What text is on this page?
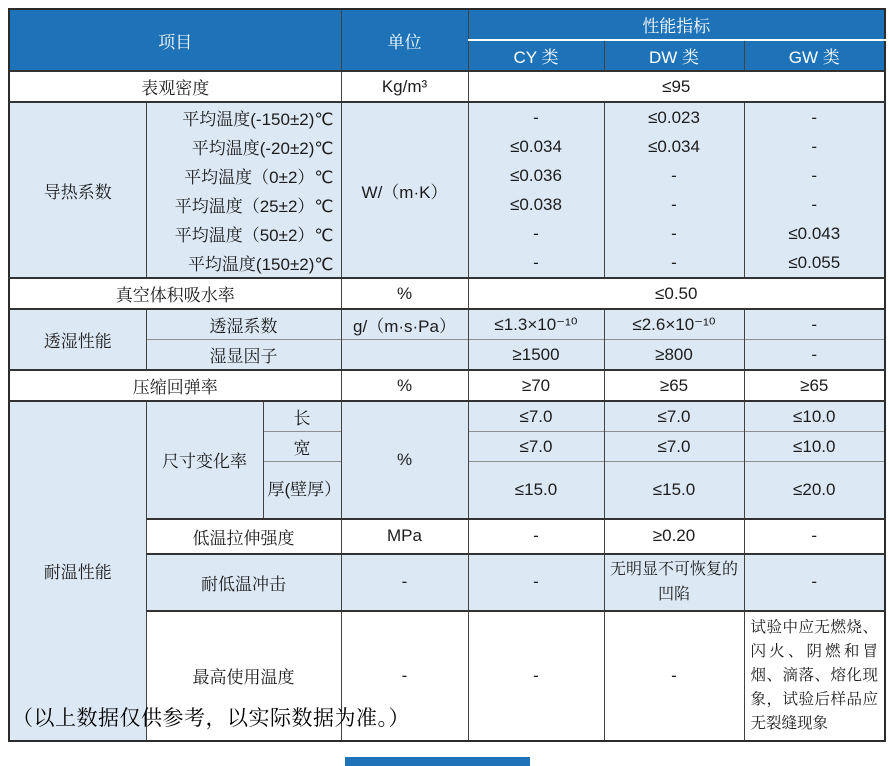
项目			单位	性能指标		
				CY 类	DW 类	GW 类
表观密度			Kg/m³	≤95		
导热系数	平均温度(-150±2)℃		W/（m·K）	-	≤0.023	-
	平均温度(-20±2)℃			≤0.034	≤0.034	-
	平均温度（0±2）℃			≤0.036	-	-
	平均温度（25±2）℃			≤0.038	-	-
	平均温度（50±2）℃			-	-	≤0.043
	平均温度(150±2)℃			-	-	≤0.055
真空体积吸水率			%	≤0.50		
透湿性能	透湿系数		g/（m·s·Pa）	≤1.3×10⁻¹⁰	≤2.6×10⁻¹⁰	-
	湿显因子			≥1500	≥800	-
压缩回弹率			%	≥70	≥65	≥65
耐温性能	尺寸变化率	长	%	≤7.0	≤7.0	≤10.0
		宽		≤7.0	≤7.0	≤10.0
		厚(壁厚）		≤15.0	≤15.0	≤20.0
	低温拉伸强度		MPa	-	≥0.20	-
	耐低温冲击		-	-	无明显不可恢复的凹陷	-
	最高使用温度		-	-	-	试验中应无燃烧、闪火、阴燃和冒烟、滴落、熔化现象，试验后样品应无裂缝现象
（以上数据仅供参考，以实际数据为准。）
